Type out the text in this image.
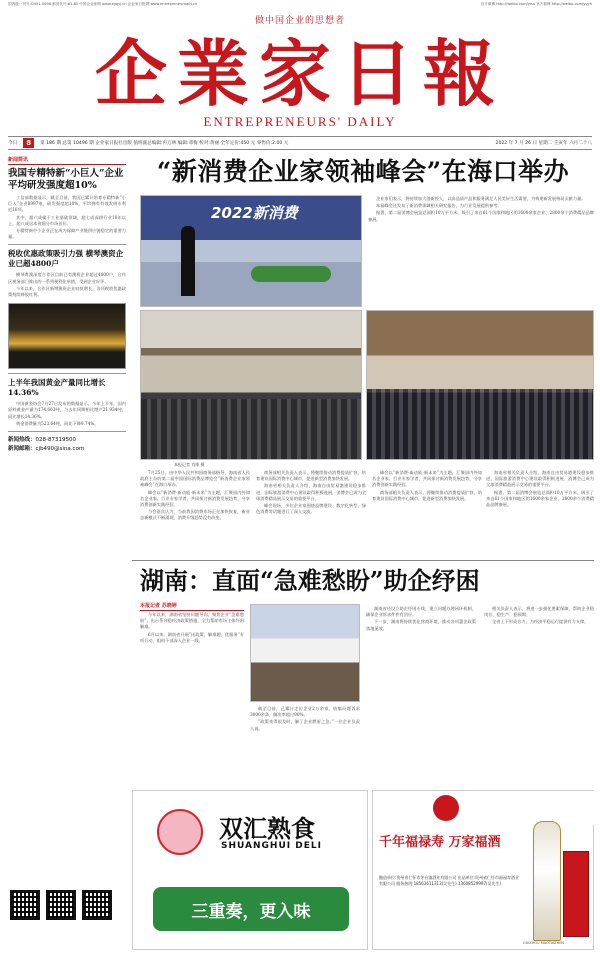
国内统一刊号:CN51-0096 邮发代号:61-85 中国企业家网 www.zgqyj.cn 企业家日报网 www.entrepreneurdaily.cn	官方微博 http://weibo.com/yisu 官方微博 http://weibo.com/yyyh
做中国企业的思想者
企業家日報
ENTREPRENEURS' DAILY
今日	8	第 186 期 总第 10496 期 企业家日报社出版 值班副总编辑:冉万林 编辑:邓梅 校对:黄丽 全年定价:450 元 零售价:2.00 元	2022 年 7 月 26 日 星期二 壬寅年 六月二十八
新闻简讯
我国专精特新“小巨人”企业平均研发强度超10%

工信部数据显示，截至目前，我国已累计培育专精特新“小巨人”企业8997家，研发强度超10%，平均拥有有效发明专利近16项。

其中，超六成属于工业基础领域，超七成深耕行业10年以上，超八成居本省细分市场首位。

专精特新中小企业正在成为保障产业链供应链稳定的重要力量。

税收优惠政策吸引力强 横琴澳资企业已超4800户

横琴粤澳深度合作区目前已有澳资企业超过4800户，合作区税务部门推出的一系列便利化举措，受到企业好评。

今年以来，合作区新增澳资企业较快增长，各项税收优惠政策持续释放红利。

上半年我国黄金产量同比增长14.36%

中国黄金协会7月27日发布的数据显示，今年上半年，国内原料黄金产量为174.603吨，与去年同期相比增产21.934吨，同比增长14.36%。

黄金消费量为523.64吨，同比下降9.74%。

新闻热线：028-87319500
新闻邮箱：cjb490@sina.com
“新消费企业家领袖峰会”在海口举办
2022新消费
本报记者 肖维 摄

企业家们表示，将持续加大创新投入，以高品质产品和服务满足人民美好生活需要，为构建新发展格局贡献力量。

本届峰会还发布了新消费领域相关研究报告，为行业发展提供参考。

据悉，第二届消博会展览总面积10万平方米，吸引了来自61个国家和地区的1600余家企业、2800余个消费精品品牌参展。

7月25日，由中华人民共和国商务部指导、海南省人民政府主办的第二届中国国际消费品博览会“新消费企业家领袖峰会”在海口举办。

峰会以“新消费·新动能·新未来”为主题，汇聚国内外知名企业家、行业专家学者，共同探讨新消费发展趋势，分享消费创新实践经验。

与会嘉宾认为，当前我国消费市场正在加快恢复，新业态新模式不断涌现，消费升级趋势没有改变。

商务部相关负责人表示，将继续推动消费提质扩容，培育建设国际消费中心城市，促进新型消费加快发展。

海南省相关负责人介绍，海南自由贸易港建设稳步推进，国际旅游消费中心建设取得积极进展，消博会已成为全球消费精品展示交易的重要平台。

峰会现场，多位企业家围绕品牌建设、数字化转型、绿色消费等话题进行了深入交流。

峰会以“新消费·新动能·新未来”为主题，汇聚国内外知名企业家、行业专家学者，共同探讨新消费发展趋势，分享消费创新实践经验。

商务部相关负责人表示，将继续推动消费提质扩容，培育建设国际消费中心城市，促进新型消费加快发展。

海南省相关负责人介绍，海南自由贸易港建设稳步推进，国际旅游消费中心建设取得积极进展，消博会已成为全球消费精品展示交易的重要平台。

据悉，第二届消博会展览总面积10万平方米，吸引了来自61个国家和地区的1600余家企业、2800余个消费精品品牌参展。

湖南：直面“急难愁盼”助企纾困
本报记者 苏晓婷

今年以来，湖南省坚持问题导向，聚焦企业“急难愁盼”，出台系列稳经济政策措施，全力帮助市场主体纾困解难。

6月以来，湖南省开展“送政策、解难题、优服务”专项行动，组织干部深入企业一线。

截至目前，已累计走访企业2万余家，收集问题诉求3000余条，解决率超过90%。

“政策来得很及时，解了企业燃眉之急。”一位企业负责人说。

湖南省还设立助企纾困专线，建立问题办理闭环机制，确保企业诉求件件有回应。

下一步，湖南将持续优化营商环境，推动各项惠企政策落地见效。

相关负责人表示，将进一步强化要素保障，帮助企业稳岗位、稳生产、稳预期。

全省上下形成合力，为经济平稳运行提供有力支撑。

双汇熟食
SHUANGHUI DELI
三重奏，更入味
千年福禄寿 万家福酒
酿造单位:贵州省仁怀市茅台镇酒业有限公司 出品单位:贵州省仁怀市福禄寿酒业有限公司 服务热线:18563611313(吴先生) 13608529997(吴先生)
GUIZHOU MAOTAIZHEN
